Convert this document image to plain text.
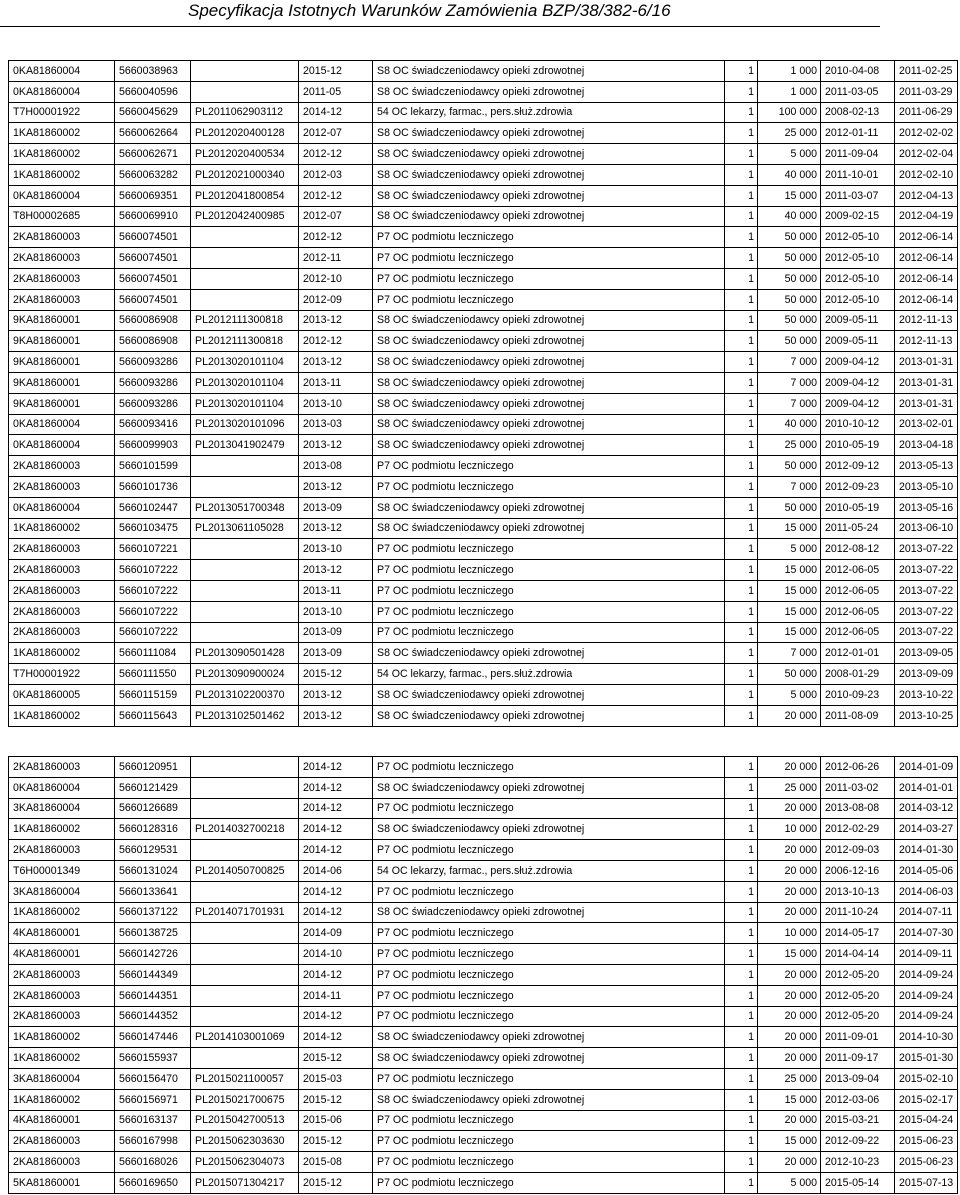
Specyfikacja Istotnych Warunków Zamówienia BZP/38/382-6/16
0KA81860004	5660038963		2015-12	S8 OC świadczeniodawcy opieki zdrowotnej	1	1 000	2010-04-08	2011-02-25
0KA81860004	5660040596		2011-05	S8 OC świadczeniodawcy opieki zdrowotnej	1	1 000	2011-03-05	2011-03-29
T7H00001922	5660045629	PL2011062903112	2014-12	54 OC lekarzy, farmac., pers.służ.zdrowia	1	100 000	2008-02-13	2011-06-29
1KA81860002	5660062664	PL2012020400128	2012-07	S8 OC świadczeniodawcy opieki zdrowotnej	1	25 000	2012-01-11	2012-02-02
1KA81860002	5660062671	PL2012020400534	2012-12	S8 OC świadczeniodawcy opieki zdrowotnej	1	5 000	2011-09-04	2012-02-04
1KA81860002	5660063282	PL2012021000340	2012-03	S8 OC świadczeniodawcy opieki zdrowotnej	1	40 000	2011-10-01	2012-02-10
0KA81860004	5660069351	PL2012041800854	2012-12	S8 OC świadczeniodawcy opieki zdrowotnej	1	15 000	2011-03-07	2012-04-13
T8H00002685	5660069910	PL2012042400985	2012-07	S8 OC świadczeniodawcy opieki zdrowotnej	1	40 000	2009-02-15	2012-04-19
2KA81860003	5660074501		2012-12	P7 OC podmiotu leczniczego	1	50 000	2012-05-10	2012-06-14
2KA81860003	5660074501		2012-11	P7 OC podmiotu leczniczego	1	50 000	2012-05-10	2012-06-14
2KA81860003	5660074501		2012-10	P7 OC podmiotu leczniczego	1	50 000	2012-05-10	2012-06-14
2KA81860003	5660074501		2012-09	P7 OC podmiotu leczniczego	1	50 000	2012-05-10	2012-06-14
9KA81860001	5660086908	PL2012111300818	2013-12	S8 OC świadczeniodawcy opieki zdrowotnej	1	50 000	2009-05-11	2012-11-13
9KA81860001	5660086908	PL2012111300818	2012-12	S8 OC świadczeniodawcy opieki zdrowotnej	1	50 000	2009-05-11	2012-11-13
9KA81860001	5660093286	PL2013020101104	2013-12	S8 OC świadczeniodawcy opieki zdrowotnej	1	7 000	2009-04-12	2013-01-31
9KA81860001	5660093286	PL2013020101104	2013-11	S8 OC świadczeniodawcy opieki zdrowotnej	1	7 000	2009-04-12	2013-01-31
9KA81860001	5660093286	PL2013020101104	2013-10	S8 OC świadczeniodawcy opieki zdrowotnej	1	7 000	2009-04-12	2013-01-31
0KA81860004	5660093416	PL2013020101096	2013-03	S8 OC świadczeniodawcy opieki zdrowotnej	1	40 000	2010-10-12	2013-02-01
0KA81860004	5660099903	PL2013041902479	2013-12	S8 OC świadczeniodawcy opieki zdrowotnej	1	25 000	2010-05-19	2013-04-18
2KA81860003	5660101599		2013-08	P7 OC podmiotu leczniczego	1	50 000	2012-09-12	2013-05-13
2KA81860003	5660101736		2013-12	P7 OC podmiotu leczniczego	1	7 000	2012-09-23	2013-05-10
0KA81860004	5660102447	PL2013051700348	2013-09	S8 OC świadczeniodawcy opieki zdrowotnej	1	50 000	2010-05-19	2013-05-16
1KA81860002	5660103475	PL2013061105028	2013-12	S8 OC świadczeniodawcy opieki zdrowotnej	1	15 000	2011-05-24	2013-06-10
2KA81860003	5660107221		2013-10	P7 OC podmiotu leczniczego	1	5 000	2012-08-12	2013-07-22
2KA81860003	5660107222		2013-12	P7 OC podmiotu leczniczego	1	15 000	2012-06-05	2013-07-22
2KA81860003	5660107222		2013-11	P7 OC podmiotu leczniczego	1	15 000	2012-06-05	2013-07-22
2KA81860003	5660107222		2013-10	P7 OC podmiotu leczniczego	1	15 000	2012-06-05	2013-07-22
2KA81860003	5660107222		2013-09	P7 OC podmiotu leczniczego	1	15 000	2012-06-05	2013-07-22
1KA81860002	5660111084	PL2013090501428	2013-09	S8 OC świadczeniodawcy opieki zdrowotnej	1	7 000	2012-01-01	2013-09-05
T7H00001922	5660111550	PL2013090900024	2015-12	54 OC lekarzy, farmac., pers.służ.zdrowia	1	50 000	2008-01-29	2013-09-09
0KA81860005	5660115159	PL2013102200370	2013-12	S8 OC świadczeniodawcy opieki zdrowotnej	1	5 000	2010-09-23	2013-10-22
1KA81860002	5660115643	PL2013102501462	2013-12	S8 OC świadczeniodawcy opieki zdrowotnej	1	20 000	2011-08-09	2013-10-25
2KA81860003	5660120951		2014-12	P7 OC podmiotu leczniczego	1	20 000	2012-06-26	2014-01-09
0KA81860004	5660121429		2014-12	S8 OC świadczeniodawcy opieki zdrowotnej	1	25 000	2011-03-02	2014-01-01
3KA81860004	5660126689		2014-12	P7 OC podmiotu leczniczego	1	20 000	2013-08-08	2014-03-12
1KA81860002	5660128316	PL2014032700218	2014-12	S8 OC świadczeniodawcy opieki zdrowotnej	1	10 000	2012-02-29	2014-03-27
2KA81860003	5660129531		2014-12	P7 OC podmiotu leczniczego	1	20 000	2012-09-03	2014-01-30
T6H00001349	5660131024	PL2014050700825	2014-06	54 OC lekarzy, farmac., pers.służ.zdrowia	1	20 000	2006-12-16	2014-05-06
3KA81860004	5660133641		2014-12	P7 OC podmiotu leczniczego	1	20 000	2013-10-13	2014-06-03
1KA81860002	5660137122	PL2014071701931	2014-12	S8 OC świadczeniodawcy opieki zdrowotnej	1	20 000	2011-10-24	2014-07-11
4KA81860001	5660138725		2014-09	P7 OC podmiotu leczniczego	1	10 000	2014-05-17	2014-07-30
4KA81860001	5660142726		2014-10	P7 OC podmiotu leczniczego	1	15 000	2014-04-14	2014-09-11
2KA81860003	5660144349		2014-12	P7 OC podmiotu leczniczego	1	20 000	2012-05-20	2014-09-24
2KA81860003	5660144351		2014-11	P7 OC podmiotu leczniczego	1	20 000	2012-05-20	2014-09-24
2KA81860003	5660144352		2014-12	P7 OC podmiotu leczniczego	1	20 000	2012-05-20	2014-09-24
1KA81860002	5660147446	PL2014103001069	2014-12	S8 OC świadczeniodawcy opieki zdrowotnej	1	20 000	2011-09-01	2014-10-30
1KA81860002	5660155937		2015-12	S8 OC świadczeniodawcy opieki zdrowotnej	1	20 000	2011-09-17	2015-01-30
3KA81860004	5660156470	PL2015021100057	2015-03	P7 OC podmiotu leczniczego	1	25 000	2013-09-04	2015-02-10
1KA81860002	5660156971	PL2015021700675	2015-12	S8 OC świadczeniodawcy opieki zdrowotnej	1	15 000	2012-03-06	2015-02-17
4KA81860001	5660163137	PL2015042700513	2015-06	P7 OC podmiotu leczniczego	1	20 000	2015-03-21	2015-04-24
2KA81860003	5660167998	PL2015062303630	2015-12	P7 OC podmiotu leczniczego	1	15 000	2012-09-22	2015-06-23
2KA81860003	5660168026	PL2015062304073	2015-08	P7 OC podmiotu leczniczego	1	20 000	2012-10-23	2015-06-23
5KA81860001	5660169650	PL2015071304217	2015-12	P7 OC podmiotu leczniczego	1	5 000	2015-05-14	2015-07-13
